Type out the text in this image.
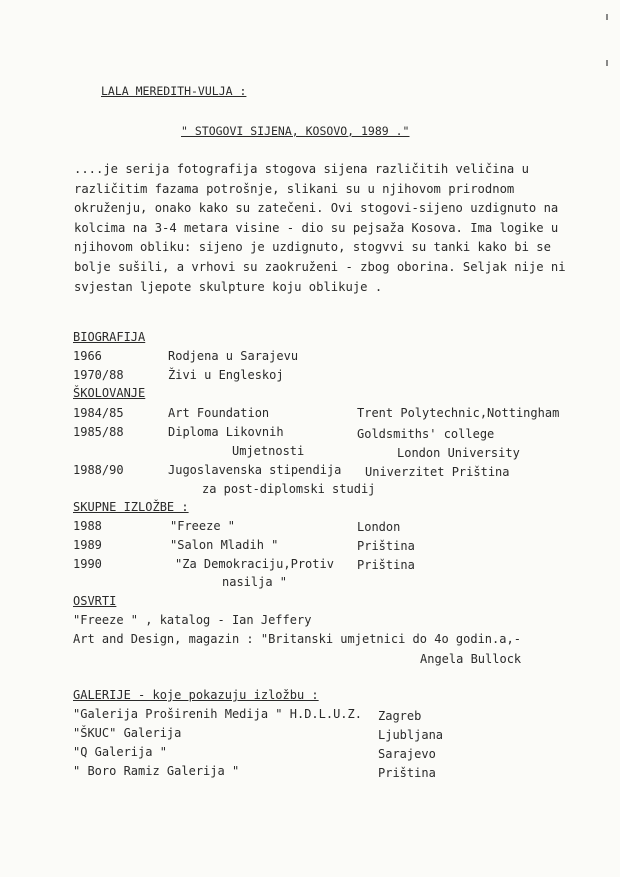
LALA MEREDITH-VULJA :
" STOGOVI SIJENA, KOSOVO, 1989 ."
....je serija fotografija stogova sijena različitih veličina u
različitim fazama potrošnje, slikani su u njihovom prirodnom
okruženju, onako kako su zatečeni. Ovi stogovi-sijeno uzdignuto na
kolcima na 3-4 metara visine - dio su pejsaža Kosova. Ima logike u
njihovom obliku: sijeno je uzdignuto, stogvvi su tanki kako bi se
bolje sušili, a vrhovi su zaokruženi - zbog oborina. Seljak nije ni
svjestan ljepote skulpture koju oblikuje .
BIOGRAFIJA
1966	Rodjena u Sarajevu
1970/88	Živi u Engleskoj
ŠKOLOVANJE
1984/85	Art Foundation	Trent Polytechnic,Nottingham
1985/88	Diploma Likovnih	Goldsmiths' college
Umjetnosti	London University
1988/90	Jugoslavenska stipendija Univerzitet Priština
za post-diplomski studij
SKUPNE IZLOŽBE :
1988	"Freeze "	London
1989	"Salon Mladih "	Priština
1990	"Za Demokraciju,Protiv Priština
nasilja "
OSVRTI
"Freeze " , katalog - Ian Jeffery
Art and Design, magazin : "Britanski umjetnici do 4o godin.a,-
Angela Bullock
GALERIJE - koje pokazuju izložbu :
"Galerija Proširenih Medija " H.D.L.U.Z. Zagreb
"ŠKUC" Galerija	Ljubljana
"Q Galerija "	Sarajevo
" Boro Ramiz Galerija "	Priština
